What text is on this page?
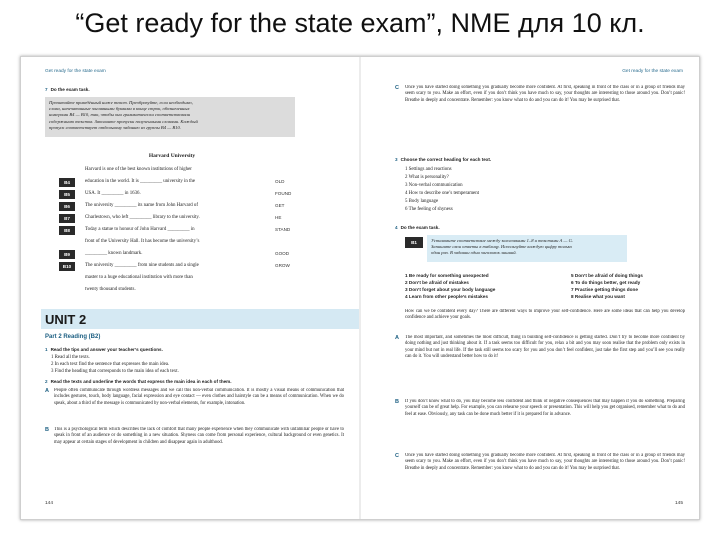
“Get ready for the state exam”, NME для 10 кл.
Get ready for the state exam
7 Do the exam task.
Прочитайте приведённый ниже текст. Преобразуйте, если необходимо,
слова, напечатанные заглавными буквами в конце строк, обозначенных
номерами B4 — B10, так, чтобы они грамматически соответствовали
содержанию текстов. Заполните пропуски полученными словами. Каждый
пропуск соответствует отдельному заданию из группы B4 — B10.
Harvard University
Harvard is one of the best known institutions of higher
education in the world. It is _________ university in the
USA. It _________ in 1636.
The university _________ its name from John Harvard of
Charlestown, who left _________ library to the university.
Today a statue to honour of John Harvard _________ in
front of the University Hall. It has become the university’s
_________ known landmark.
The university _________ from nine students and a single
master to a huge educational institution with more than
twenty thousand students.
B4
B5
B6
B7
B8
B9
B10
OLD
FOUND
GET
HE
STAND
GOOD
GROW
UNIT 2
Part 2 Reading (B2)
1 Read the tips and answer your teacher’s questions.
1 Read all the texts.
2 In each text find the sentence that expresses the main idea.
3 Find the heading that corresponds to the main idea of each text.
2 Read the texts and underline the words that express the main idea in each of them.
A People often communicate through wordless messages and we call this non-verbal communication. It is mostly a visual means of communication that includes gestures, touch, body language, facial expression and eye contact — even clothes and hairstyle can be a means of communication. When we do speak, about a third of the message is communicated by non-verbal elements, for example, intonation.
B This is a psychological term which describes the lack of comfort that many people experience when they communicate with unfamiliar people or have to speak in front of an audience or do something in a new situation. Shyness can come from personal experience, cultural background or even genetics. It may appear at certain stages of development in children and disappear again in adulthood.
144
Get ready for the state exam
C Once you have started doing something you gradually become more confident. At first, speaking in front of the class or in a group of friends may seem scary to you. Make an effort, even if you don’t think you have much to say, your thoughts are interesting to those around you. Don’t panic! Breathe in deeply and concentrate. Remember: you know what to do and you can do it! You may be surprised that.
3 Choose the correct heading for each text.
1 Settings and reactions
2 What is personality?
3 Non-verbal communication
4 How to describe one’s temperament
5 Body language
6 The feeling of shyness
4 Do the exam task.
Установите соответствие между заголовками 1–8 и текстами A — G.
Запишите свои ответы в таблицу. Используйте каждую цифру только
один раз. В задании один заголовок лишний.
B1
1 Be ready for something unexpected
2 Don’t be afraid of mistakes
3 Don’t forget about your body language
4 Learn from other people’s mistakes
5 Don’t be afraid of doing things
6 To do things better, get ready
7 Practise getting things done
8 Realise what you want
How can we be confident every day? There are different ways to improve your self-confidence. Here are some ideas that can help you develop confidence and achieve your goals.
A The most important, and sometimes the most difficult, thing in building self-confidence is getting started. Don’t try to become more confident by doing nothing and just thinking about it. If a task seems too difficult for you, relax a bit and you may soon realise that the problem only exists in your mind but not in real life. If the task still seems too scary for you and you don’t feel confident, just take the first step and you’ll see you really can do it. You will understand better how to do it!
B If you don’t know what to do, you may become less confident and think of negative consequences that may happen if you do something. Preparing yourself can be of great help. For example, you can rehearse your speech or presentation. This will help you get organised, remember what to do and feel at ease. Obviously, any task can be done much better if it is prepared for in advance.
C Once you have started doing something you gradually become more confident. At first, speaking in front of the class or in a group of friends may seem scary to you. Make an effort, even if you don’t think you have much to say, your thoughts are interesting to those around you. Don’t panic! Breathe in deeply and concentrate. Remember: you know what to do and you can do it! You may be surprised that.
145
